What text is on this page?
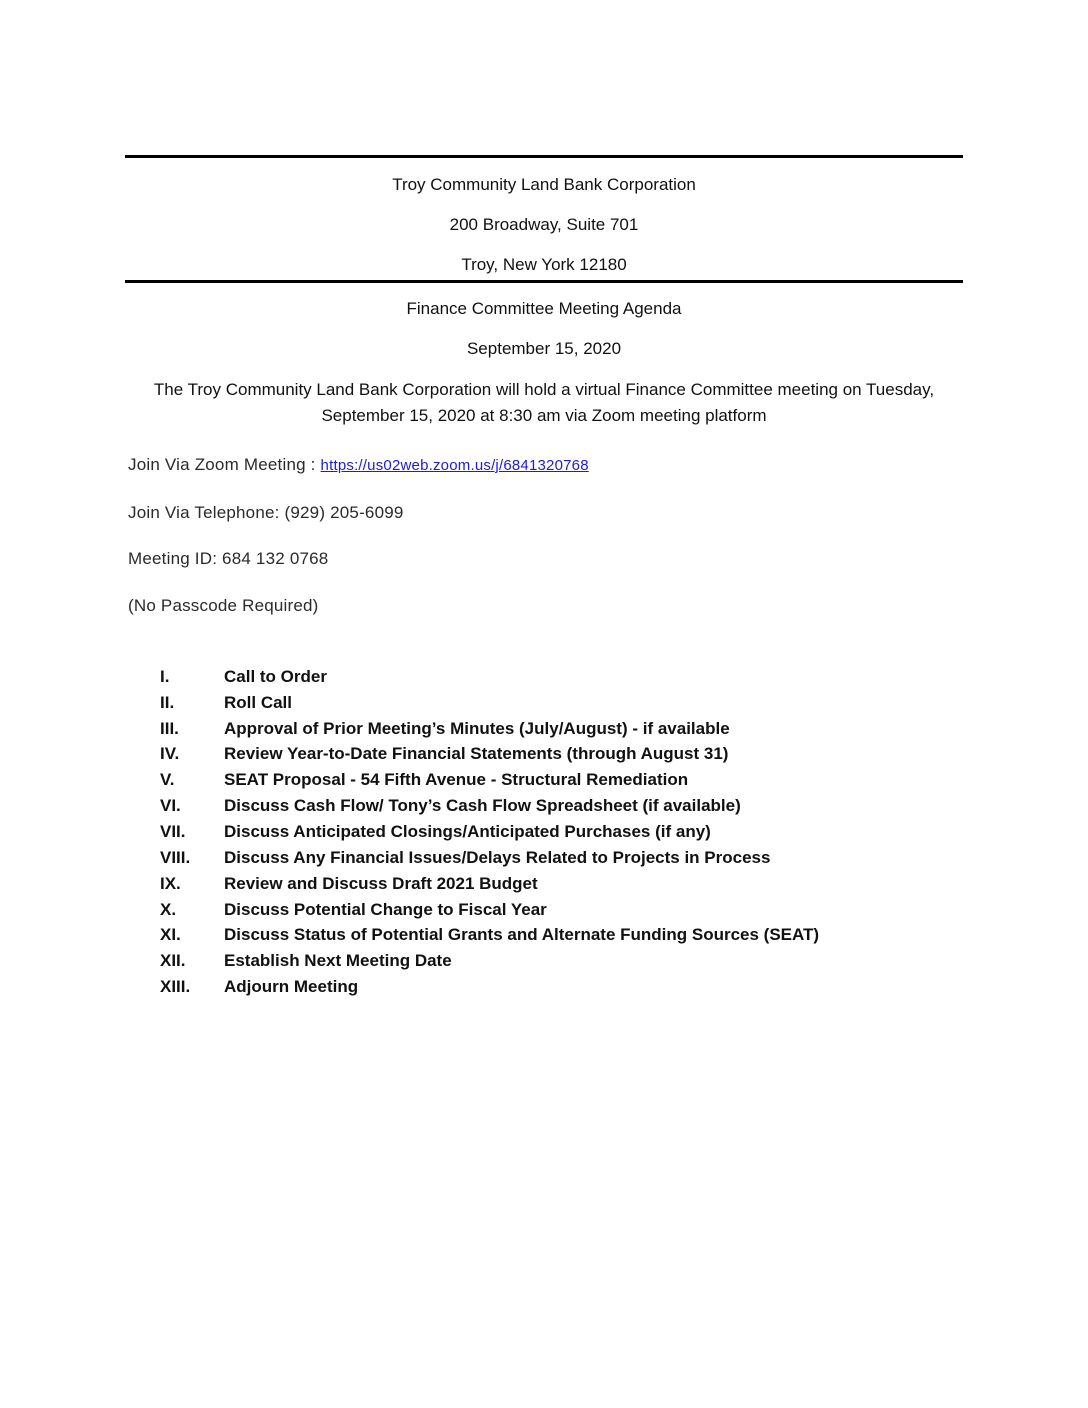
Troy Community Land Bank Corporation
200 Broadway, Suite 701
Troy, New York 12180
Finance Committee Meeting Agenda
September 15, 2020
The Troy Community Land Bank Corporation will hold a virtual Finance Committee meeting on Tuesday,
September 15, 2020 at 8:30 am via Zoom meeting platform
Join Via Zoom Meeting : https://us02web.zoom.us/j/6841320768
Join Via Telephone: (929) 205-6099
Meeting ID: 684 132 0768
(No Passcode Required)
I.	Call to Order
II.	Roll Call
III.	Approval of Prior Meeting’s Minutes (July/August) - if available
IV.	Review Year-to-Date Financial Statements (through August 31)
V.	SEAT Proposal - 54 Fifth Avenue - Structural Remediation
VI.	Discuss Cash Flow/ Tony’s Cash Flow Spreadsheet (if available)
VII.	Discuss Anticipated Closings/Anticipated Purchases (if any)
VIII.	Discuss Any Financial Issues/Delays Related to Projects in Process
IX.	Review and Discuss Draft 2021 Budget
X.	Discuss Potential Change to Fiscal Year
XI.	Discuss Status of Potential Grants and Alternate Funding Sources (SEAT)
XII.	Establish Next Meeting Date
XIII.	Adjourn Meeting
